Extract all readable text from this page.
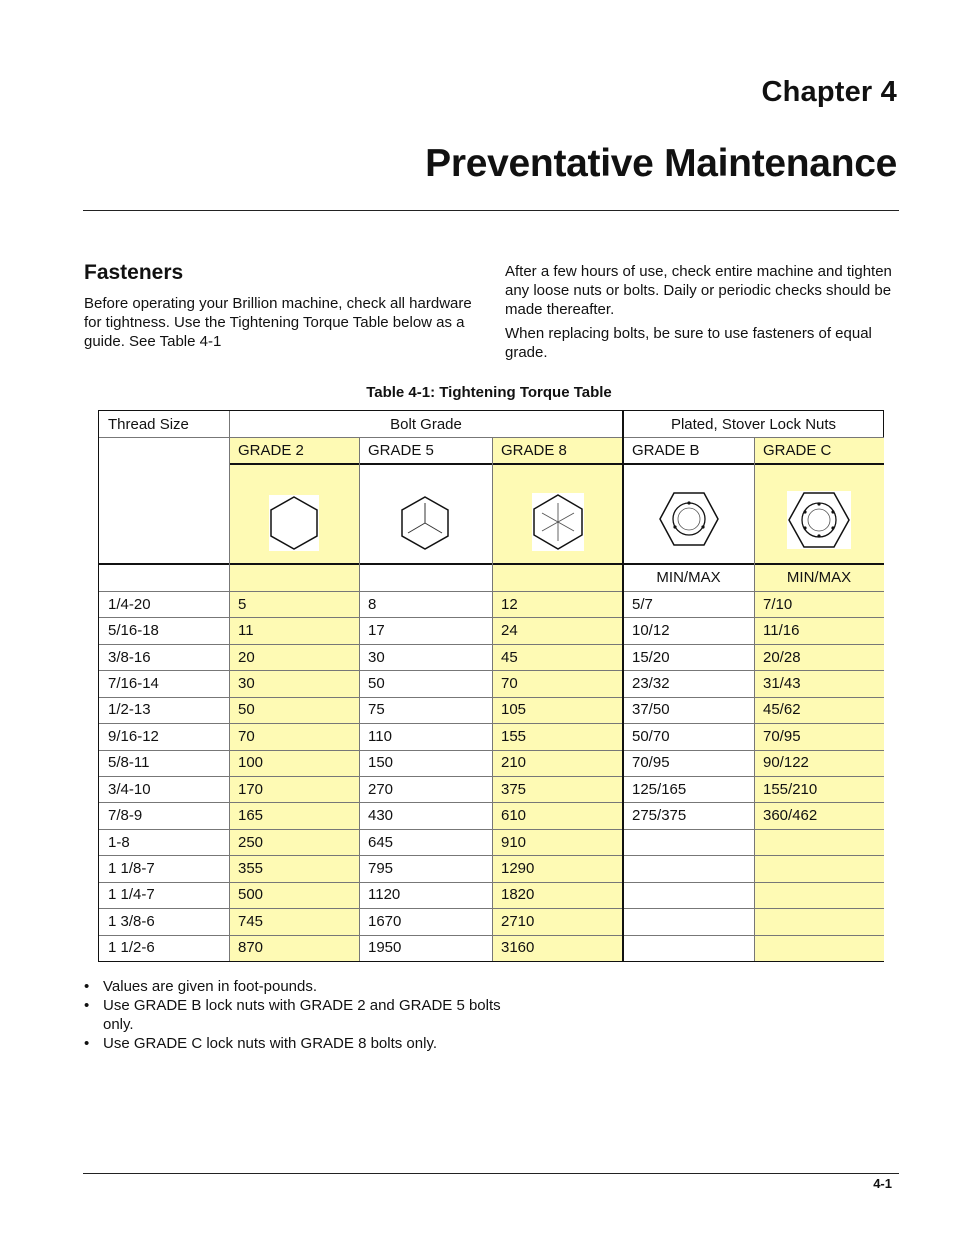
Chapter 4
Preventative Maintenance
Fasteners
Before operating your Brillion machine, check all hardware for tightness. Use the Tightening Torque Table below as a guide. See Table 4-1
After a few hours of use, check entire machine and tighten any loose nuts or bolts. Daily or periodic checks should be made thereafter.
When replacing bolts, be sure to use fasteners of equal grade.
Table 4-1: Tightening Torque Table
Thread Size	Bolt Grade	Plated, Stover Lock Nuts
GRADE 2	GRADE 5	GRADE 8	GRADE B	GRADE C
MIN/MAX	MIN/MAX
1/4-20	5	8	12	5/7	7/10
5/16-18	11	17	24	10/12	11/16
3/8-16	20	30	45	15/20	20/28
7/16-14	30	50	70	23/32	31/43
1/2-13	50	75	105	37/50	45/62
9/16-12	70	110	155	50/70	70/95
5/8-11	100	150	210	70/95	90/122
3/4-10	170	270	375	125/165	155/210
7/8-9	165	430	610	275/375	360/462
1-8	250	645	910
1 1/8-7	355	795	1290
1 1/4-7	500	1120	1820
1 3/8-6	745	1670	2710
1 1/2-6	870	1950	3160
• Values are given in foot-pounds.
• Use GRADE B lock nuts with GRADE 2 and GRADE 5 bolts only.
• Use GRADE C lock nuts with GRADE 8 bolts only.
4-1
